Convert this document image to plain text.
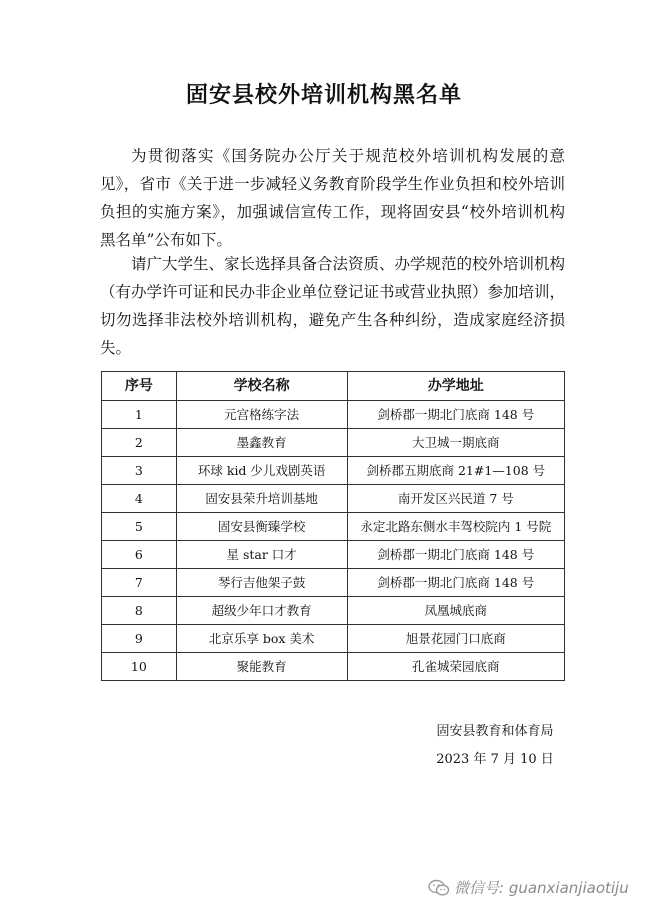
固安县校外培训机构黑名单

为贯彻落实《国务院办公厅关于规范校外培训机构发展的意见》，省市《关于进一步减轻义务教育阶段学生作业负担和校外培训负担的实施方案》，加强诚信宣传工作，现将固安县“校外培训机构黑名单”公布如下。

请广大学生、家长选择具备合法资质、办学规范的校外培训机构（有办学许可证和民办非企业单位登记证书或营业执照）参加培训，切勿选择非法校外培训机构，避免产生各种纠纷，造成家庭经济损失。

序号	学校名称	办学地址
1	元宫格练字法	剑桥郡一期北门底商 148 号
2	墨鑫教育	大卫城一期底商
3	环球 kid 少儿戏剧英语	剑桥郡五期底商 21#1—108 号
4	固安县荣升培训基地	南开发区兴民道 7 号
5	固安县衡臻学校	永定北路东侧水丰驾校院内 1 号院
6	星 star 口才	剑桥郡一期北门底商 148 号
7	琴行吉他架子鼓	剑桥郡一期北门底商 148 号
8	超级少年口才教育	凤凰城底商
9	北京乐享 box 美术	旭景花园门口底商
10	聚能教育	孔雀城荣园底商
固安县教育和体育局
2023 年 7 月 10 日
微信号: guanxianjiaotiju
